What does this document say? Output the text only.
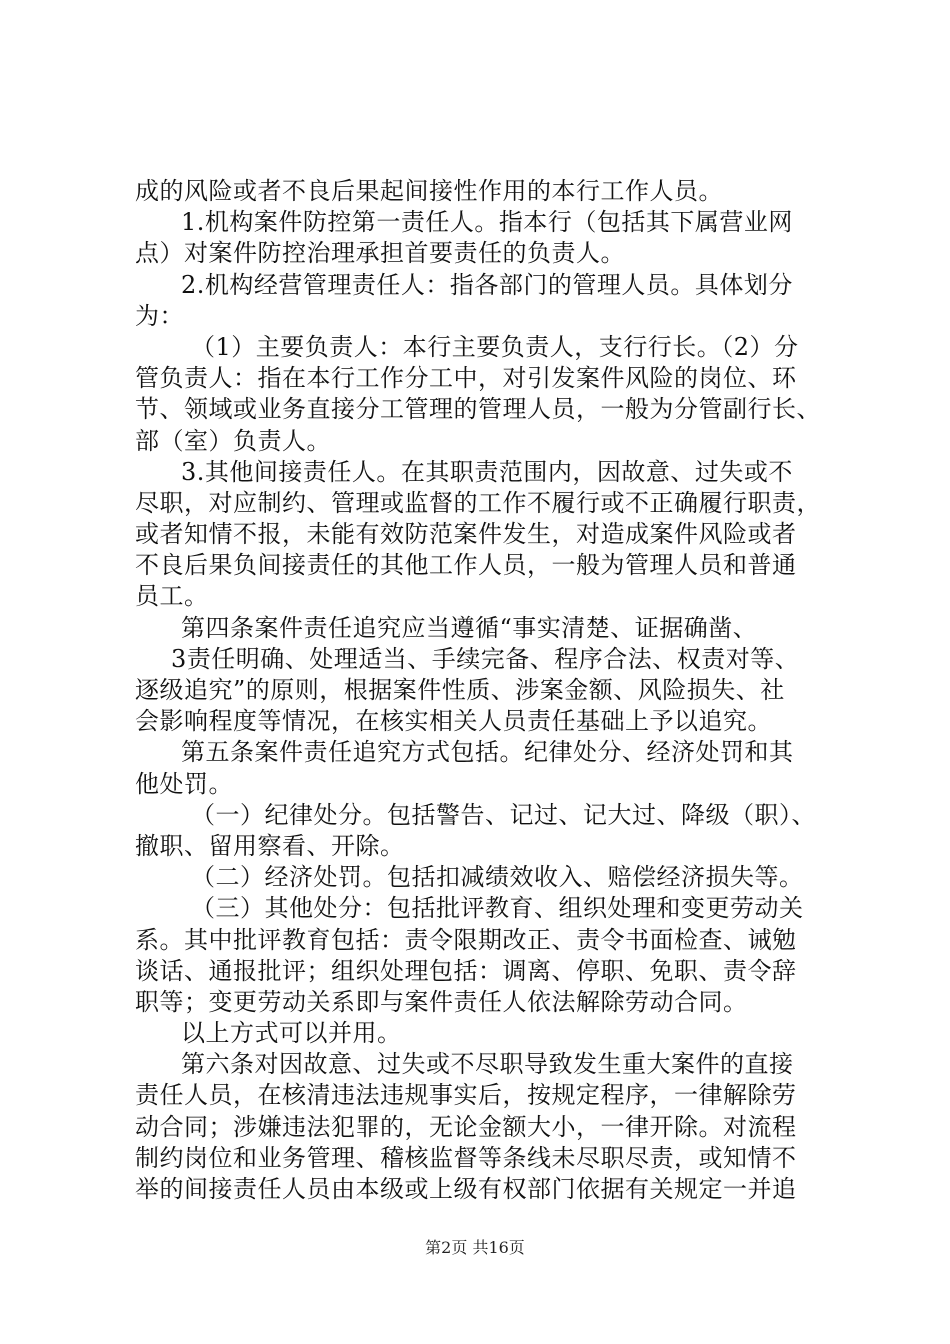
成的风险或者不良后果起间接性作用的本行工作人员。
1.机构案件防控第一责任人。指本行（包括其下属营业网
点）对案件防控治理承担首要责任的负责人。
2.机构经营管理责任人：指各部门的管理人员。具体划分
为：
（1）主要负责人：本行主要负责人，支行行长。（2）分
管负责人：指在本行工作分工中，对引发案件风险的岗位、环
节、领域或业务直接分工管理的管理人员，一般为分管副行长、
部（室）负责人。
3.其他间接责任人。在其职责范围内，因故意、过失或不
尽职，对应制约、管理或监督的工作不履行或不正确履行职责，
或者知情不报，未能有效防范案件发生，对造成案件风险或者
不良后果负间接责任的其他工作人员，一般为管理人员和普通
员工。
第四条案件责任追究应当遵循“事实清楚、证据确凿、
3责任明确、处理适当、手续完备、程序合法、权责对等、
逐级追究”的原则，根据案件性质、涉案金额、风险损失、社
会影响程度等情况，在核实相关人员责任基础上予以追究。
第五条案件责任追究方式包括。纪律处分、经济处罚和其
他处罚。
（一）纪律处分。包括警告、记过、记大过、降级（职）、
撤职、留用察看、开除。
（二）经济处罚。包括扣减绩效收入、赔偿经济损失等。
（三）其他处分：包括批评教育、组织处理和变更劳动关
系。其中批评教育包括：责令限期改正、责令书面检查、诫勉
谈话、通报批评；组织处理包括：调离、停职、免职、责令辞
职等；变更劳动关系即与案件责任人依法解除劳动合同。
以上方式可以并用。
第六条对因故意、过失或不尽职导致发生重大案件的直接
责任人员，在核清违法违规事实后，按规定程序，一律解除劳
动合同；涉嫌违法犯罪的，无论金额大小，一律开除。对流程
制约岗位和业务管理、稽核监督等条线未尽职尽责，或知情不
举的间接责任人员由本级或上级有权部门依据有关规定一并追
第2页 共16页
